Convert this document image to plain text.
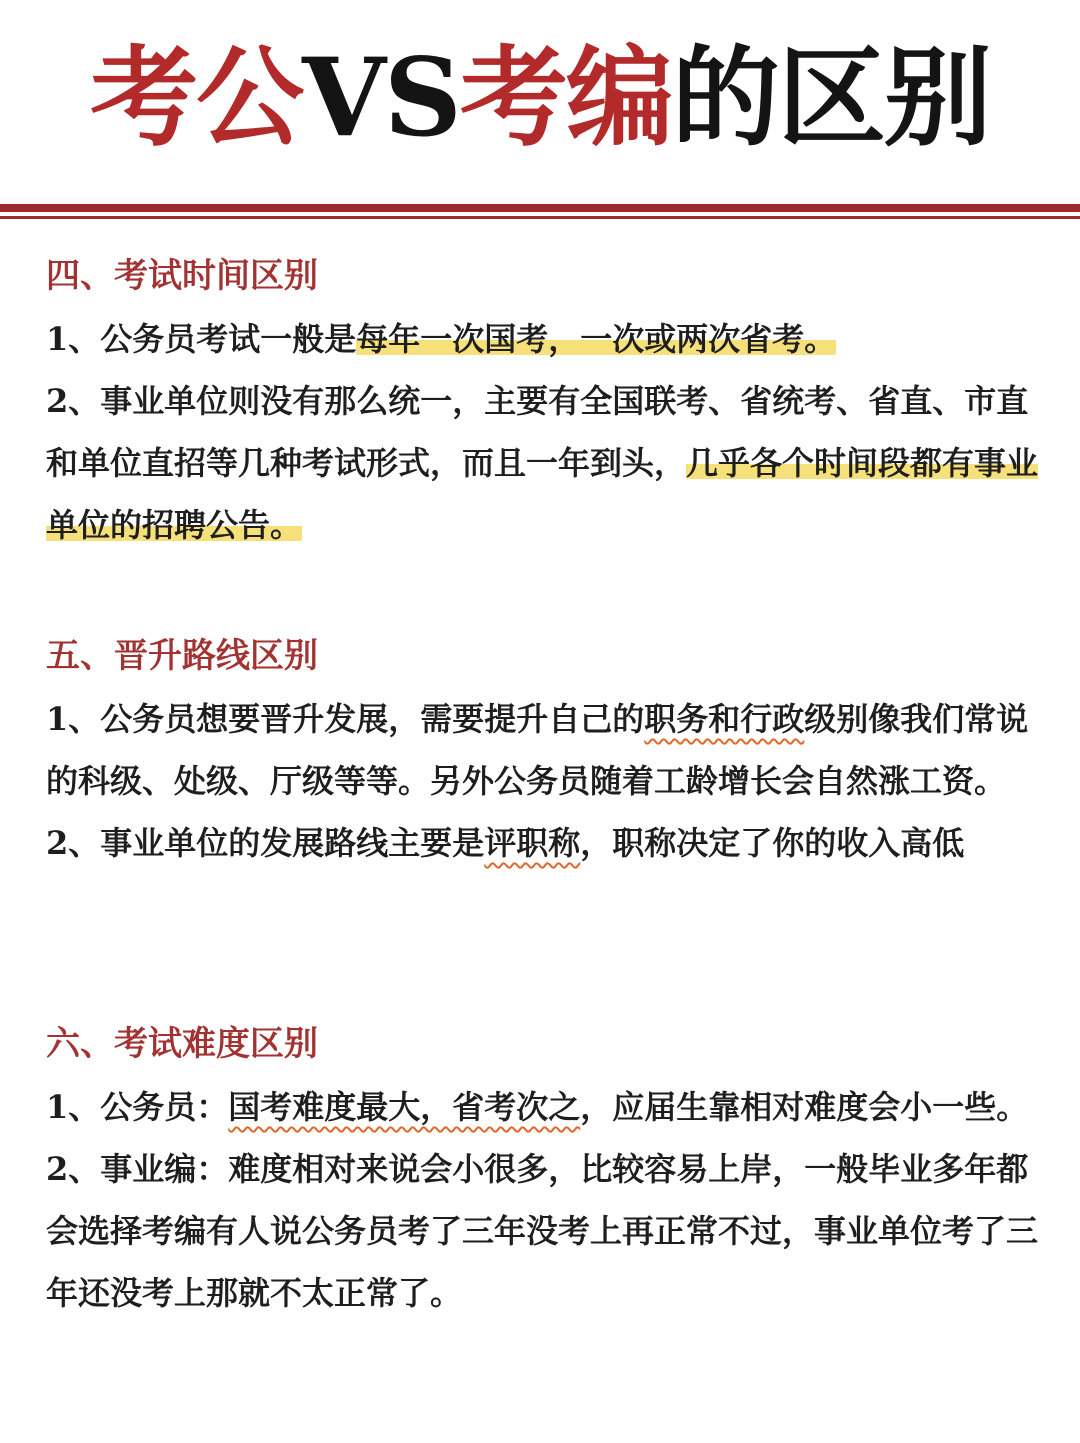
考公VS考编的区别
四、考试时间区别

1、公务员考试一般是每年一次国考，一次或两次省考。

2、事业单位则没有那么统一，主要有全国联考、省统考、省直、市直和单位直招等几种考试形式，而且一年到头，几乎各个时间段都有事业单位的招聘公告。

五、晋升路线区别

1、公务员想要晋升发展，需要提升自己的职务和行政级别像我们常说的科级、处级、厅级等等。另外公务员随着工龄增长会自然涨工资。

2、事业单位的发展路线主要是评职称，职称决定了你的收入高低

六、考试难度区别

1、公务员：国考难度最大，省考次之，应届生靠相对难度会小一些。

2、事业编：难度相对来说会小很多，比较容易上岸，一般毕业多年都会选择考编有人说公务员考了三年没考上再正常不过，事业单位考了三年还没考上那就不太正常了。
